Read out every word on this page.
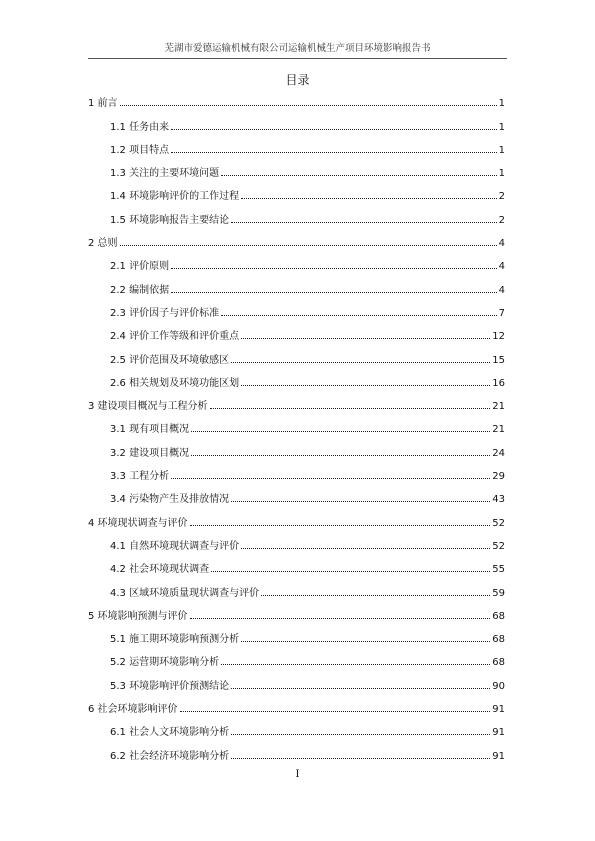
芜湖市爱德运输机械有限公司运输机械生产项目环境影响报告书
目录
1 前言	1
1.1 任务由来	1
1.2 项目特点	1
1.3 关注的主要环境问题	1
1.4 环境影响评价的工作过程	2
1.5 环境影响报告主要结论	2
2 总则	4
2.1 评价原则	4
2.2 编制依据	4
2.3 评价因子与评价标准	7
2.4 评价工作等级和评价重点	12
2.5 评价范围及环境敏感区	15
2.6 相关规划及环境功能区划	16
3 建设项目概况与工程分析	21
3.1 现有项目概况	21
3.2 建设项目概况	24
3.3 工程分析	29
3.4 污染物产生及排放情况	43
4 环境现状调查与评价	52
4.1 自然环境现状调查与评价	52
4.2 社会环境现状调查	55
4.3 区域环境质量现状调查与评价	59
5 环境影响预测与评价	68
5.1 施工期环境影响预测分析	68
5.2 运营期环境影响分析	68
5.3 环境影响评价预测结论	90
6 社会环境影响评价	91
6.1 社会人文环境影响分析	91
6.2 社会经济环境影响分析	91
I
